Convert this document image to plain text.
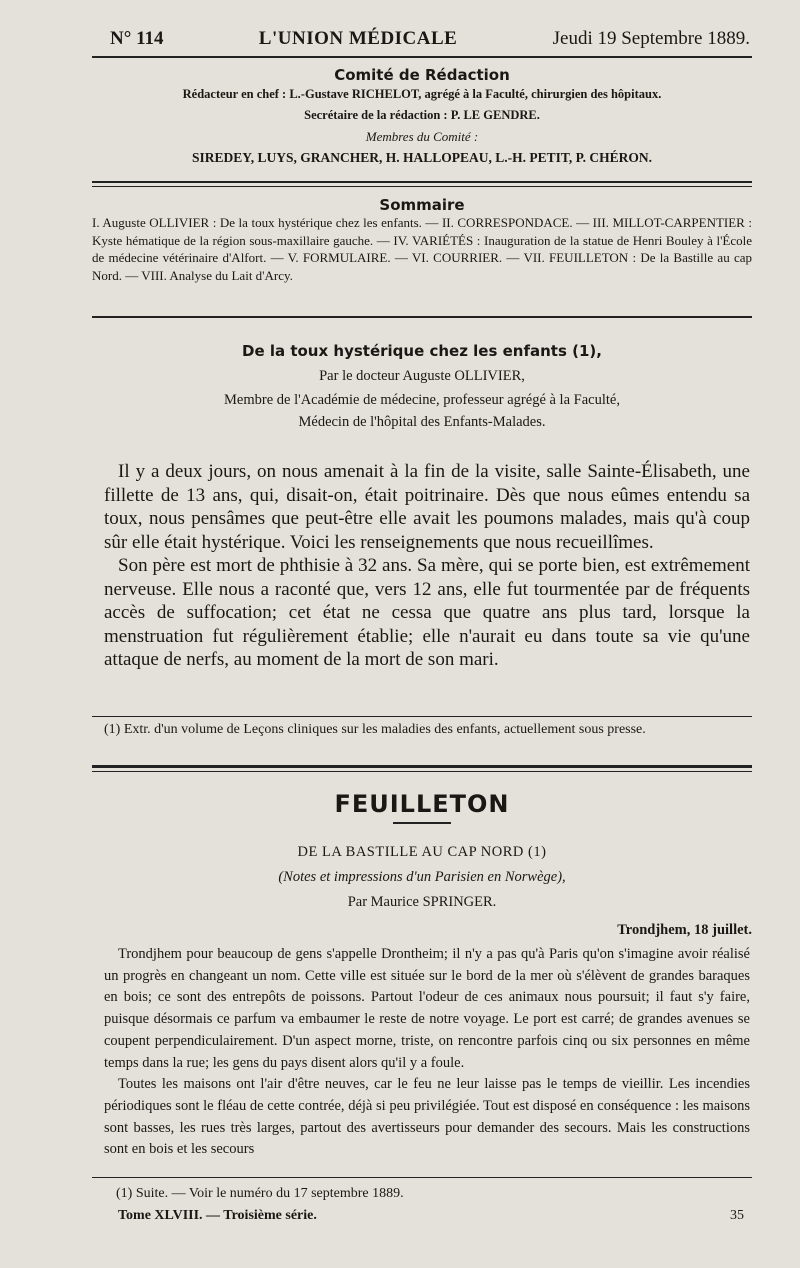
N° 114	L'UNION MÉDICALE	Jeudi 19 Septembre 1889.
Comité de Rédaction
Rédacteur en chef : L.-Gustave RICHELOT, agrégé à la Faculté, chirurgien des hôpitaux.
Secrétaire de la rédaction : P. LE GENDRE.
Membres du Comité :
SIREDEY, LUYS, GRANCHER, H. HALLOPEAU, L.-H. PETIT, P. CHÉRON.
Sommaire

I. Auguste OLLIVIER : De la toux hystérique chez les enfants. — II. CORRESPONDACE. — III. MILLOT-CARPENTIER : Kyste hématique de la région sous-maxillaire gauche. — IV. VARIÉTÉS : Inauguration de la statue de Henri Bouley à l'École de médecine vétérinaire d'Alfort. — V. FORMULAIRE. — VI. COURRIER. — VII. FEUILLETON : De la Bastille au cap Nord. — VIII. Analyse du Lait d'Arcy.

De la toux hystérique chez les enfants (1),
Par le docteur Auguste OLLIVIER,
Membre de l'Académie de médecine, professeur agrégé à la Faculté,
Médecin de l'hôpital des Enfants-Malades.

Il y a deux jours, on nous amenait à la fin de la visite, salle Sainte-Élisabeth, une fillette de 13 ans, qui, disait-on, était poitrinaire. Dès que nous eûmes entendu sa toux, nous pensâmes que peut-être elle avait les poumons malades, mais qu'à coup sûr elle était hystérique. Voici les renseignements que nous recueillîmes.

Son père est mort de phthisie à 32 ans. Sa mère, qui se porte bien, est extrêmement nerveuse. Elle nous a raconté que, vers 12 ans, elle fut tourmentée par de fréquents accès de suffocation; cet état ne cessa que quatre ans plus tard, lorsque la menstruation fut régulièrement établie; elle n'aurait eu dans toute sa vie qu'une attaque de nerfs, au moment de la mort de son mari.

(1) Extr. d'un volume de Leçons cliniques sur les maladies des enfants, actuellement sous presse.
FEUILLETON
DE LA BASTILLE AU CAP NORD (1)
(Notes et impressions d'un Parisien en Norwège),
Par Maurice SPRINGER.
Trondjhem, 18 juillet.

Trondjhem pour beaucoup de gens s'appelle Drontheim; il n'y a pas qu'à Paris qu'on s'imagine avoir réalisé un progrès en changeant un nom. Cette ville est située sur le bord de la mer où s'élèvent de grandes baraques en bois; ce sont des entrepôts de poissons. Partout l'odeur de ces animaux nous poursuit; il faut s'y faire, puisque désormais ce parfum va embaumer le reste de notre voyage. Le port est carré; de grandes avenues se coupent perpendiculairement. D'un aspect morne, triste, on rencontre parfois cinq ou six personnes en même temps dans la rue; les gens du pays disent alors qu'il y a foule.

Toutes les maisons ont l'air d'être neuves, car le feu ne leur laisse pas le temps de vieillir. Les incendies périodiques sont le fléau de cette contrée, déjà si peu privilégiée. Tout est disposé en conséquence : les maisons sont basses, les rues très larges, partout des avertisseurs pour demander des secours. Mais les constructions sont en bois et les secours

(1) Suite. — Voir le numéro du 17 septembre 1889.
Tome XLVIII. — Troisième série.	35
